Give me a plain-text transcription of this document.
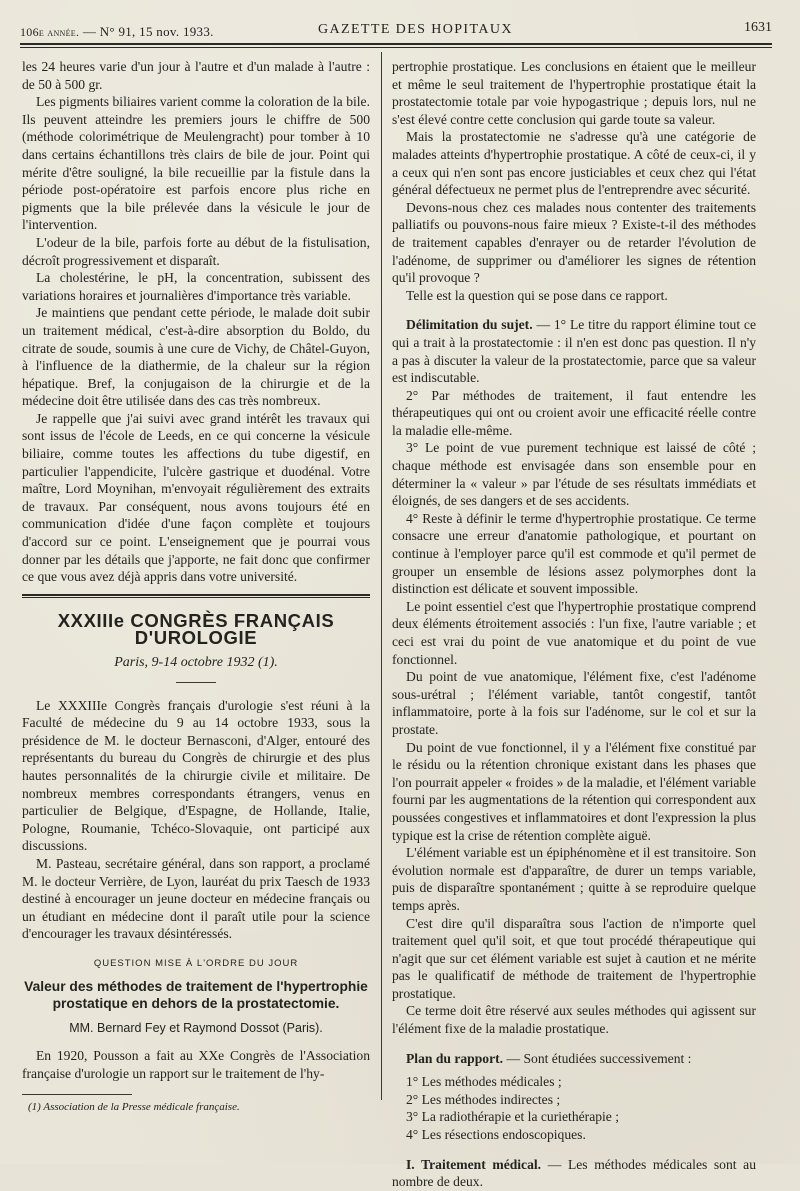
106e année. — N° 91, 15 nov. 1933.	GAZETTE DES HOPITAUX	1631

les 24 heures varie d'un jour à l'autre et d'un malade à l'autre : de 50 à 500 gr.

Les pigments biliaires varient comme la coloration de la bile. Ils peuvent atteindre les premiers jours le chiffre de 500 (méthode colorimétrique de Meulengracht) pour tomber à 10 dans certains échantillons très clairs de bile de jour. Point qui mérite d'être souligné, la bile recueillie par la fistule dans la période post-opératoire est parfois encore plus riche en pigments que la bile prélevée dans la vésicule le jour de l'intervention.

L'odeur de la bile, parfois forte au début de la fistulisation, décroît progressivement et disparaît.

La cholestérine, le pH, la concentration, subissent des variations horaires et journalières d'importance très variable.

Je maintiens que pendant cette période, le malade doit subir un traitement médical, c'est-à-dire absorption du Boldo, du citrate de soude, soumis à une cure de Vichy, de Châtel-Guyon, à l'influence de la diathermie, de la chaleur sur la région hépatique. Bref, la conjugaison de la chirurgie et de la médecine doit être utilisée dans des cas très nombreux.

Je rappelle que j'ai suivi avec grand intérêt les travaux qui sont issus de l'école de Leeds, en ce qui concerne la vésicule biliaire, comme toutes les affections du tube digestif, en particulier l'appendicite, l'ulcère gastrique et duodénal. Votre maître, Lord Moynihan, m'envoyait régulièrement des extraits de travaux. Par conséquent, nous avons toujours été en communication d'idée d'une façon complète et toujours d'accord sur ce point. L'enseignement que je pourrai vous donner par les détails que j'apporte, ne fait donc que confirmer ce que vous avez déjà appris dans votre université.

XXXIIIe CONGRÈS FRANÇAIS D'UROLOGIE
Paris, 9-14 octobre 1932 (1).

Le XXXIIIe Congrès français d'urologie s'est réuni à la Faculté de médecine du 9 au 14 octobre 1933, sous la présidence de M. le docteur Bernasconi, d'Alger, entouré des représentants du bureau du Congrès de chirurgie et des plus hautes personnalités de la chirurgie civile et militaire. De nombreux membres correspondants étrangers, venus en particulier de Belgique, d'Espagne, de Hollande, Italie, Pologne, Roumanie, Tchéco-Slovaquie, ont participé aux discussions.

M. Pasteau, secrétaire général, dans son rapport, a proclamé M. le docteur Verrière, de Lyon, lauréat du prix Taesch de 1933 destiné à encourager un jeune docteur en médecine français ou un étudiant en médecine dont il paraît utile pour la science d'encourager les travaux désintéressés.

QUESTION MISE À L'ORDRE DU JOUR
Valeur des méthodes de traitement de l'hypertrophie prostatique en dehors de la prostatectomie.
MM. Bernard Fey et Raymond Dossot (Paris).

En 1920, Pousson a fait au XXe Congrès de l'Association française d'urologie un rapport sur le traitement de l'hy-

(1) Association de la Presse médicale française.

pertrophie prostatique. Les conclusions en étaient que le meilleur et même le seul traitement de l'hypertrophie prostatique était la prostatectomie totale par voie hypogastrique ; depuis lors, nul ne s'est élevé contre cette conclusion qui garde toute sa valeur.

Mais la prostatectomie ne s'adresse qu'à une catégorie de malades atteints d'hypertrophie prostatique. A côté de ceux-ci, il y a ceux qui n'en sont pas encore justiciables et ceux chez qui l'état général défectueux ne permet plus de l'entreprendre avec sécurité.

Devons-nous chez ces malades nous contenter des traitements palliatifs ou pouvons-nous faire mieux ? Existe-t-il des méthodes de traitement capables d'enrayer ou de retarder l'évolution de l'adénome, de supprimer ou d'améliorer les signes de rétention qu'il provoque ?

Telle est la question qui se pose dans ce rapport.

Délimitation du sujet. — 1° Le titre du rapport élimine tout ce qui a trait à la prostatectomie : il n'en est donc pas question. Il n'y a pas à discuter la valeur de la prostatectomie, parce que sa valeur est indiscutable.

2° Par méthodes de traitement, il faut entendre les thérapeutiques qui ont ou croient avoir une efficacité réelle contre la maladie elle-même.

3° Le point de vue purement technique est laissé de côté ; chaque méthode est envisagée dans son ensemble pour en déterminer la « valeur » par l'étude de ses résultats immédiats et éloignés, de ses dangers et de ses accidents.

4° Reste à définir le terme d'hypertrophie prostatique. Ce terme consacre une erreur d'anatomie pathologique, et pourtant on continue à l'employer parce qu'il est commode et qu'il permet de grouper un ensemble de lésions assez polymorphes dont la distinction est délicate et souvent impossible.

Le point essentiel c'est que l'hypertrophie prostatique comprend deux éléments étroitement associés : l'un fixe, l'autre variable ; et ceci est vrai du point de vue anatomique et du point de vue fonctionnel.

Du point de vue anatomique, l'élément fixe, c'est l'adénome sous-urétral ; l'élément variable, tantôt congestif, tantôt inflammatoire, porte à la fois sur l'adénome, sur le col et sur la prostate.

Du point de vue fonctionnel, il y a l'élément fixe constitué par le résidu ou la rétention chronique existant dans les phases que l'on pourrait appeler « froides » de la maladie, et l'élément variable fourni par les augmentations de la rétention qui correspondent aux poussées congestives et inflammatoires et dont l'expression la plus typique est la crise de rétention complète aiguë.

L'élément variable est un épiphénomène et il est transitoire. Son évolution normale est d'apparaître, de durer un temps variable, puis de disparaître spontanément ; quitte à se reproduire quelque temps après.

C'est dire qu'il disparaîtra sous l'action de n'importe quel traitement quel qu'il soit, et que tout procédé thérapeutique qui n'agit que sur cet élément variable est sujet à caution et ne mérite pas le qualificatif de méthode de traitement de l'hypertrophie prostatique.

Ce terme doit être réservé aux seules méthodes qui agissent sur l'élément fixe de la maladie prostatique.

Plan du rapport. — Sont étudiées successivement :

1° Les méthodes médicales ;
2° Les méthodes indirectes ;
3° La radiothérapie et la curiethérapie ;
4° Les résections endoscopiques.

I. Traitement médical. — Les méthodes médicales sont au nombre de deux.
